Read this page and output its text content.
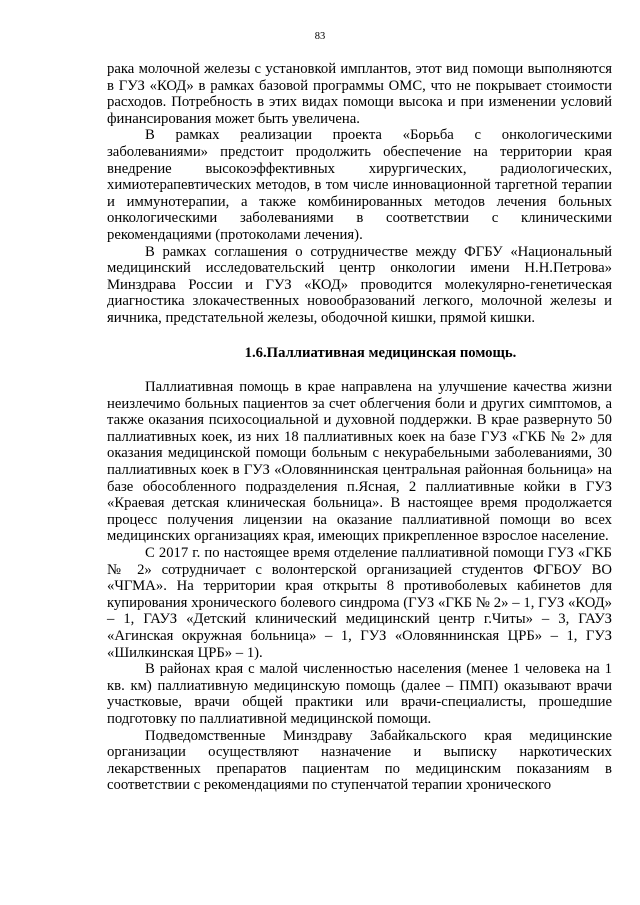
83

рака молочной железы с установкой имплантов, этот вид помощи выполняются в ГУЗ «КОД» в рамках базовой программы ОМС, что не покрывает стоимости расходов. Потребность в этих видах помощи высока и при изменении условий финансирования может быть увеличена.

В рамках реализации проекта «Борьба с онкологическими заболеваниями» предстоит продолжить обеспечение на территории края внедрение высокоэффективных хирургических, радиологических, химиотерапевтических методов, в том числе инновационной таргетной терапии и иммунотерапии, а также комбинированных методов лечения больных онкологическими заболеваниями в соответствии с клиническими рекомендациями (протоколами лечения).

В рамках соглашения о сотрудничестве между ФГБУ «Национальный медицинский исследовательский центр онкологии имени Н.Н.Петрова» Минздрава России и ГУЗ «КОД» проводится молекулярно-генетическая диагностика злокачественных новообразований легкого, молочной железы и яичника, предстательной железы, ободочной кишки, прямой кишки.

1.6.Паллиативная медицинская помощь.

Паллиативная помощь в крае направлена на улучшение качества жизни неизлечимо больных пациентов за счет облегчения боли и других симптомов, а также оказания психосоциальной и духовной поддержки. В крае развернуто 50 паллиативных коек, из них 18 паллиативных коек на базе ГУЗ «ГКБ № 2» для оказания медицинской помощи больным с некурабельными заболеваниями, 30 паллиативных коек в ГУЗ «Оловяннинская центральная районная больница» на базе обособленного подразделения п.Ясная, 2 паллиативные койки в ГУЗ «Краевая детская клиническая больница». В настоящее время продолжается процесс получения лицензии на оказание паллиативной помощи во всех медицинских организациях края, имеющих прикрепленное взрослое население.

С 2017 г. по настоящее время отделение паллиативной помощи ГУЗ «ГКБ № 2» сотрудничает с волонтерской организацией студентов ФГБОУ ВО «ЧГМА». На территории края открыты 8 противоболевых кабинетов для купирования хронического болевого синдрома (ГУЗ «ГКБ № 2» – 1, ГУЗ «КОД» – 1, ГАУЗ «Детский клинический медицинский центр г.Читы» – 3, ГАУЗ «Агинская окружная больница» – 1, ГУЗ «Оловяннинская ЦРБ» – 1, ГУЗ «Шилкинская ЦРБ» – 1).

В районах края с малой численностью населения (менее 1 человека на 1 кв. км) паллиативную медицинскую помощь (далее – ПМП) оказывают врачи участковые, врачи общей практики или врачи-специалисты, прошедшие подготовку по паллиативной медицинской помощи.

Подведомственные Минздраву Забайкальского края медицинские организации осуществляют назначение и выписку наркотических лекарственных препаратов пациентам по медицинским показаниям в соответствии с рекомендациями по ступенчатой терапии хронического
